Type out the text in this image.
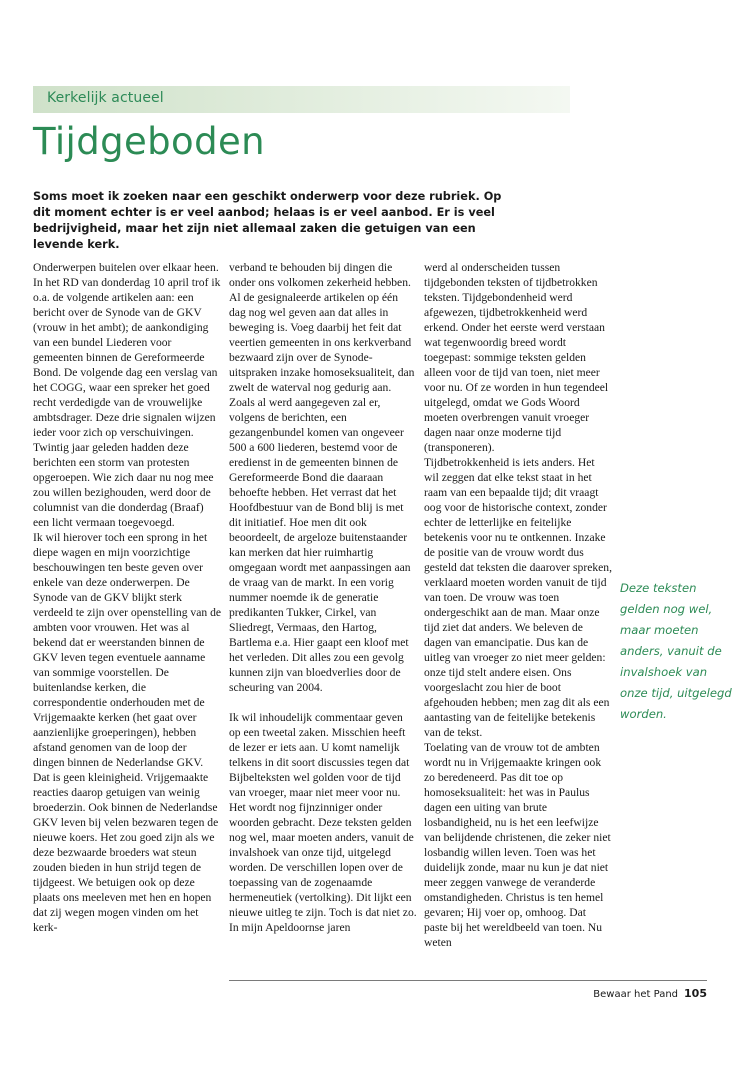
Kerkelijk actueel
Tijdgeboden

Soms moet ik zoeken naar een geschikt onderwerp voor deze rubriek. Op dit moment echter is er veel aanbod; helaas is er veel aanbod. Er is veel bedrijvigheid, maar het zijn niet allemaal zaken die getuigen van een levende kerk.

Onderwerpen buitelen over elkaar heen. In het RD van donderdag 10 april trof ik o.a. de volgende artikelen aan: een bericht over de Synode van de GKV (vrouw in het ambt); de aankondiging van een bundel Liederen voor gemeenten binnen de Gereformeerde Bond. De volgende dag een verslag van het COGG, waar een spreker het goed recht verdedigde van de vrouwelijke ambtsdrager. Deze drie signalen wijzen ieder voor zich op verschuivingen. Twintig jaar geleden hadden deze berichten een storm van protesten opgeroepen. Wie zich daar nu nog mee zou willen bezighouden, werd door de columnist van die donderdag (Braaf) een licht vermaan toegevoegd.

Ik wil hierover toch een sprong in het diepe wagen en mijn voorzichtige beschouwingen ten beste geven over enkele van deze onderwerpen. De Synode van de GKV blijkt sterk verdeeld te zijn over openstelling van de ambten voor vrouwen. Het was al bekend dat er weerstanden binnen de GKV leven tegen eventuele aanname van sommige voorstellen. De buitenlandse kerken, die correspondentie onderhouden met de Vrijgemaakte kerken (het gaat over aanzienlijke groeperingen), hebben afstand genomen van de loop der dingen binnen de Nederlandse GKV. Dat is geen kleinigheid. Vrijgemaakte reacties daarop getuigen van weinig broederzin. Ook binnen de Nederlandse GKV leven bij velen bezwaren tegen de nieuwe koers. Het zou goed zijn als we deze bezwaarde broeders wat steun zouden bieden in hun strijd tegen de tijdgeest. We betuigen ook op deze plaats ons meeleven met hen en hopen dat zij wegen mogen vinden om het kerk-

verband te behouden bij dingen die onder ons volkomen zekerheid hebben.

Al de gesignaleerde artikelen op één dag nog wel geven aan dat alles in beweging is. Voeg daarbij het feit dat veertien gemeenten in ons kerkverband bezwaard zijn over de Synode-uitspraken inzake homoseksualiteit, dan zwelt de waterval nog gedurig aan.

Zoals al werd aangegeven zal er, volgens de berichten, een gezangenbundel komen van ongeveer 500 a 600 liederen, bestemd voor de eredienst in de gemeenten binnen de Gereformeerde Bond die daaraan behoefte hebben. Het verrast dat het Hoofdbestuur van de Bond blij is met dit initiatief. Hoe men dit ook beoordeelt, de argeloze buitenstaander kan merken dat hier ruimhartig omgegaan wordt met aanpassingen aan de vraag van de markt. In een vorig nummer noemde ik de generatie predikanten Tukker, Cirkel, van Sliedregt, Vermaas, den Hartog, Bartlema e.a. Hier gaapt een kloof met het verleden. Dit alles zou een gevolg kunnen zijn van bloedverlies door de scheuring van 2004.

Ik wil inhoudelijk commentaar geven op een tweetal zaken. Misschien heeft de lezer er iets aan. U komt namelijk telkens in dit soort discussies tegen dat Bijbelteksten wel golden voor de tijd van vroeger, maar niet meer voor nu. Het wordt nog fijnzinniger onder woorden gebracht. Deze teksten gelden nog wel, maar moeten anders, vanuit de invalshoek van onze tijd, uitgelegd worden. De verschillen lopen over de toepassing van de zogenaamde hermeneutiek (vertolking). Dit lijkt een nieuwe uitleg te zijn. Toch is dat niet zo. In mijn Apeldoornse jaren

werd al onderscheiden tussen tijdgebonden teksten of tijdbetrokken teksten. Tijdgebondenheid werd afgewezen, tijdbetrokkenheid werd erkend. Onder het eerste werd verstaan wat tegenwoordig breed wordt toegepast: sommige teksten gelden alleen voor de tijd van toen, niet meer voor nu. Of ze worden in hun tegendeel uitgelegd, omdat we Gods Woord moeten overbrengen vanuit vroeger dagen naar onze moderne tijd (transponeren).

Tijdbetrokkenheid is iets anders. Het wil zeggen dat elke tekst staat in het raam van een bepaalde tijd; dit vraagt oog voor de historische context, zonder echter de letterlijke en feitelijke betekenis voor nu te ontkennen. Inzake de positie van de vrouw wordt dus gesteld dat teksten die daarover spreken, verklaard moeten worden vanuit de tijd van toen. De vrouw was toen ondergeschikt aan de man. Maar onze tijd ziet dat anders. We beleven de dagen van emancipatie. Dus kan de uitleg van vroeger zo niet meer gelden: onze tijd stelt andere eisen. Ons voorgeslacht zou hier de boot afgehouden hebben; men zag dit als een aantasting van de feitelijke betekenis van de tekst.

Toelating van de vrouw tot de ambten wordt nu in Vrijgemaakte kringen ook zo beredeneerd. Pas dit toe op homoseksualiteit: het was in Paulus dagen een uiting van brute losbandigheid, nu is het een leefwijze van belijdende christenen, die zeker niet losbandig willen leven. Toen was het duidelijk zonde, maar nu kun je dat niet meer zeggen vanwege de veranderde omstandigheden. Christus is ten hemel gevaren; Hij voer op, omhoog. Dat paste bij het wereldbeeld van toen. Nu weten

Deze teksten gelden nog wel, maar moeten anders, vanuit de invalshoek van onze tijd, uitgelegd worden.

Bewaar het Pand 105
